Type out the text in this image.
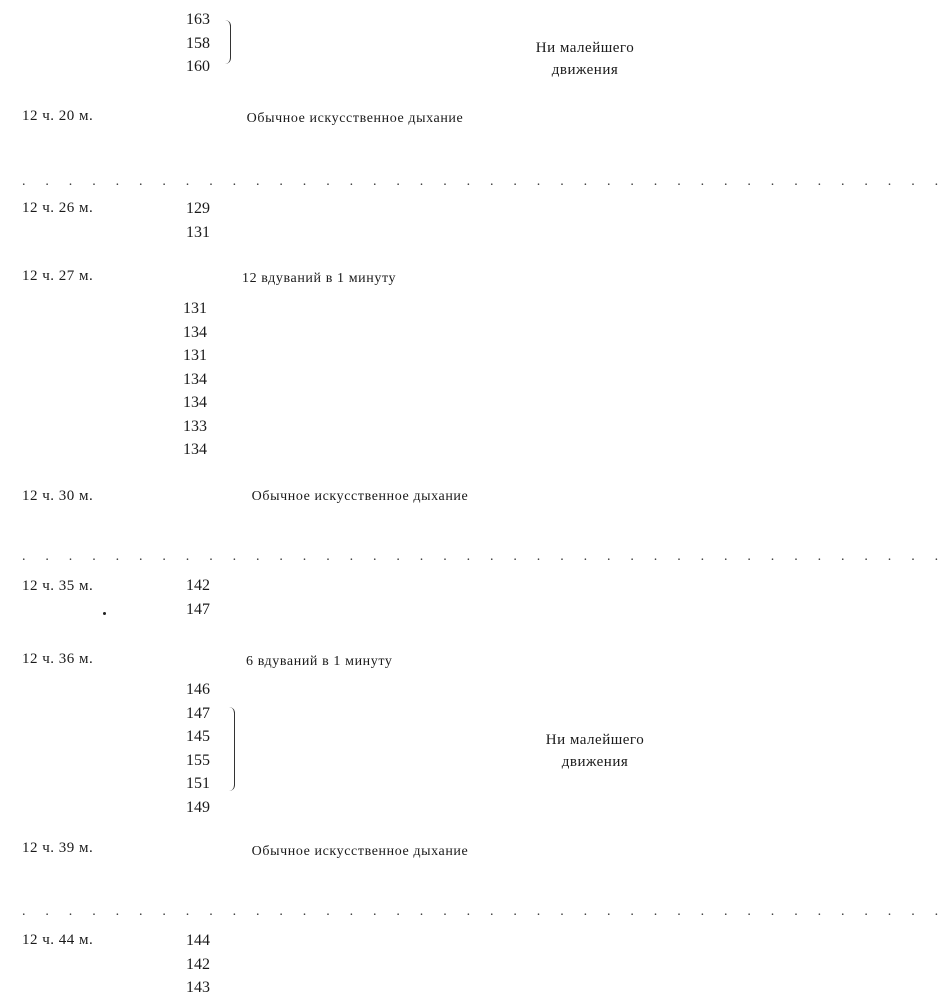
163
158
160
Ни малейшего движения
12 ч. 20 м.	Обычное искусственное дыхание
. . . . . . . . . . . . . . . . . . . . . . . . . . . . . . . . . . . . . . . .
12 ч. 26 м.	129
131
12 ч. 27 м.	12 вдуваний в 1 минуту
131
134
131
134
134
133
134
12 ч. 30 м.	Обычное искусственное дыхание
. . . . . . . . . . . . . . . . . . . . . . . . . . . . . . . . . . . . . . . .
12 ч. 35 м.	142
147
12 ч. 36 м.	6 вдуваний в 1 минуту
146
147
145
155
151
149
Ни малейшего движения
12 ч. 39 м.	Обычное искусственное дыхание
. . . . . . . . . . . . . . . . . . . . . . . . . . . . . . . . . . . . . . . .
12 ч. 44 м.	144
142
143
